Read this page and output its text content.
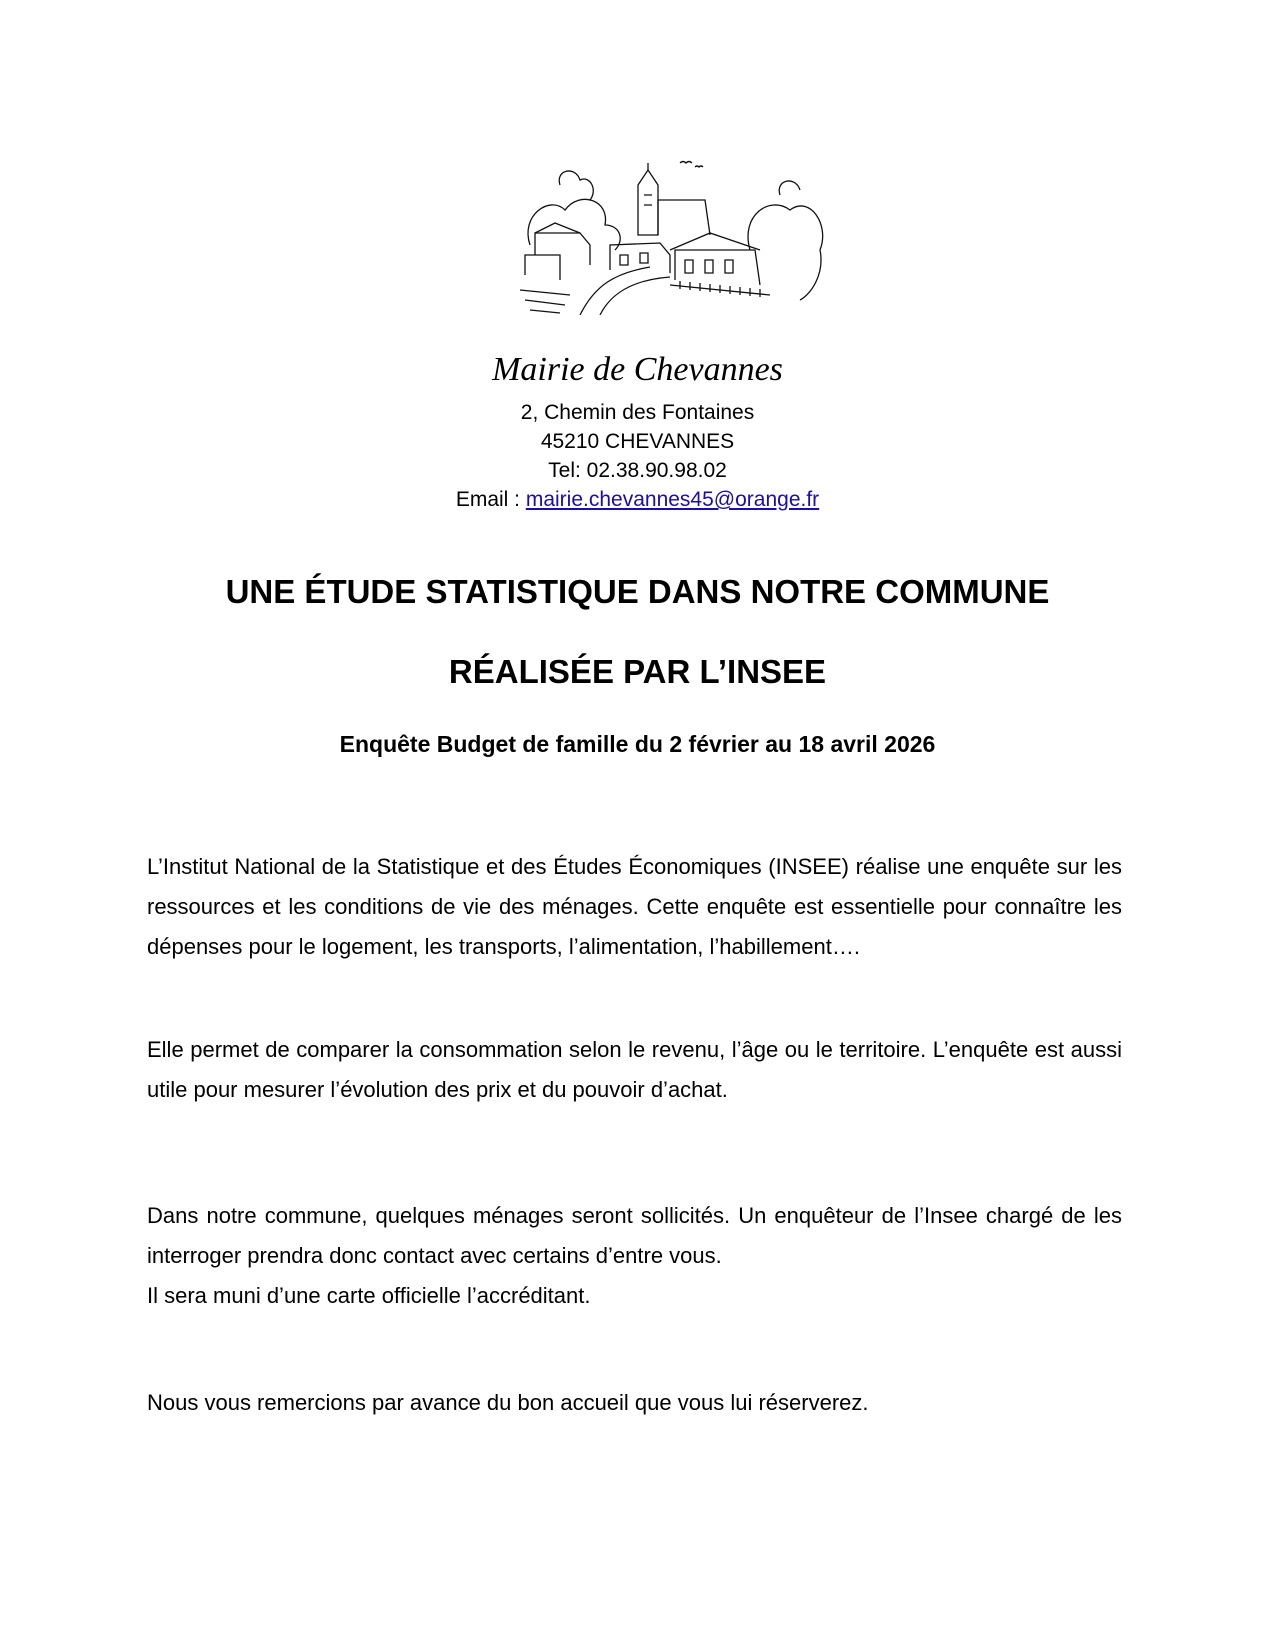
Mairie de Chevannes
2, Chemin des Fontaines
45210 CHEVANNES
Tel: 02.38.90.98.02
Email : mairie.chevannes45@orange.fr
UNE ÉTUDE STATISTIQUE DANS NOTRE COMMUNE
RÉALISÉE PAR L’INSEE
Enquête Budget de famille du 2 février au 18 avril 2026
L’Institut National de la Statistique et des Études Économiques (INSEE) réalise une enquête sur les ressources et les conditions de vie des ménages. Cette enquête est essentielle pour connaître les dépenses pour le logement, les transports, l’alimentation, l’habillement….
Elle permet de comparer la consommation selon le revenu, l’âge ou le territoire. L’enquête est aussi utile pour mesurer l’évolution des prix et du pouvoir d’achat.
Dans notre commune, quelques ménages seront sollicités. Un enquêteur de l’Insee chargé de les interroger prendra donc contact avec certains d’entre vous.
Il sera muni d’une carte officielle l’accréditant.
Nous vous remercions par avance du bon accueil que vous lui réserverez.
